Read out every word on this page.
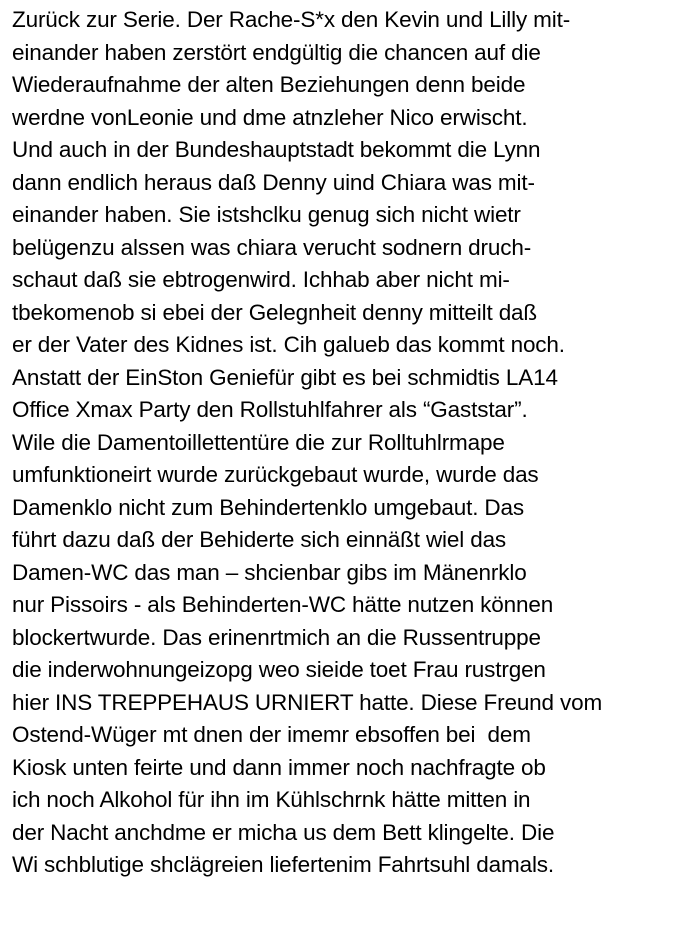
Zurück zur Serie. Der Rache-S*x den Kevin und Lilly mit-
einander haben zerstört endgültig die chancen auf die
Wiederaufnahme der alten Beziehungen denn beide
werdne vonLeonie und dme atnzleher Nico erwischt.
Und auch in der Bundeshauptstadt bekommt die Lynn
dann endlich heraus daß Denny uind Chiara was mit-
einander haben. Sie istshclku genug sich nicht wietr
belügenzu alssen was chiara verucht sodnern druch-
schaut daß sie ebtrogenwird. Ichhab aber nicht mi-
tbekomenob si ebei der Gelegnheit denny mitteilt daß
er der Vater des Kidnes ist. Cih galueb das kommt noch.
Anstatt der EinSton Geniefür gibt es bei schmidtis LA14
Office Xmax Party den Rollstuhlfahrer als “Gaststar”.
Wile die Damentoillettentüre die zur Rolltuhlrmape
umfunktioneirt wurde zurückgebaut wurde, wurde das
Damenklo nicht zum Behindertenklo umgebaut. Das
führt dazu daß der Behiderte sich einnäßt wiel das
Damen-WC das man – shcienbar gibs im Mänenrklo
nur Pissoirs - als Behinderten-WC hätte nutzen können
blockertwurde. Das erinenrtmich an die Russentruppe
die inderwohnungeizopg weo sieide toet Frau rustrgen
hier INS TREPPEHAUS URNIERT hatte. Diese Freund vom
Ostend-Wüger mt dnen der imemr ebsoffen bei  dem
Kiosk unten feirte und dann immer noch nachfragte ob
ich noch Alkohol für ihn im Kühlschrnk hätte mitten in
der Nacht anchdme er micha us dem Bett klingelte. Die
Wi schblutige shclägreien liefertenim Fahrtsuhl damals.
